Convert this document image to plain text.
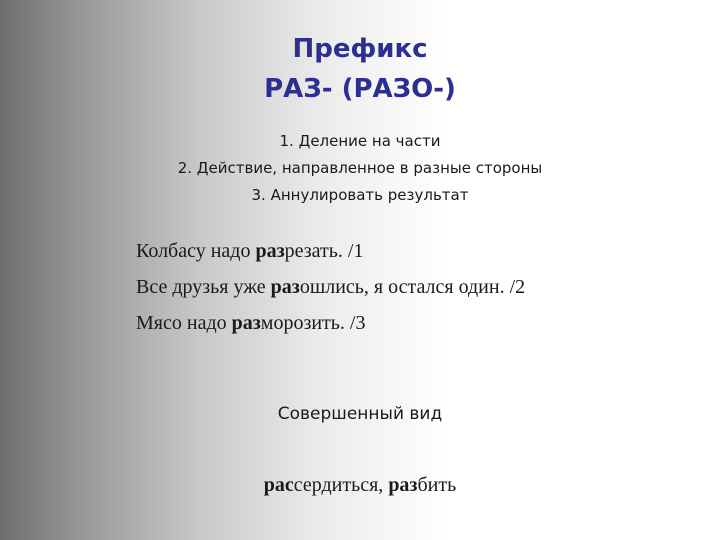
Префикс
РАЗ- (РАЗО-)
1. Деление на части
2. Действие, направленное в разные стороны
3. Аннулировать результат
Колбасу надо разрезать. /1
Все друзья уже разошлись, я остался один. /2
Мясо надо разморозить. /3
Совершенный вид
рассердиться, разбить
